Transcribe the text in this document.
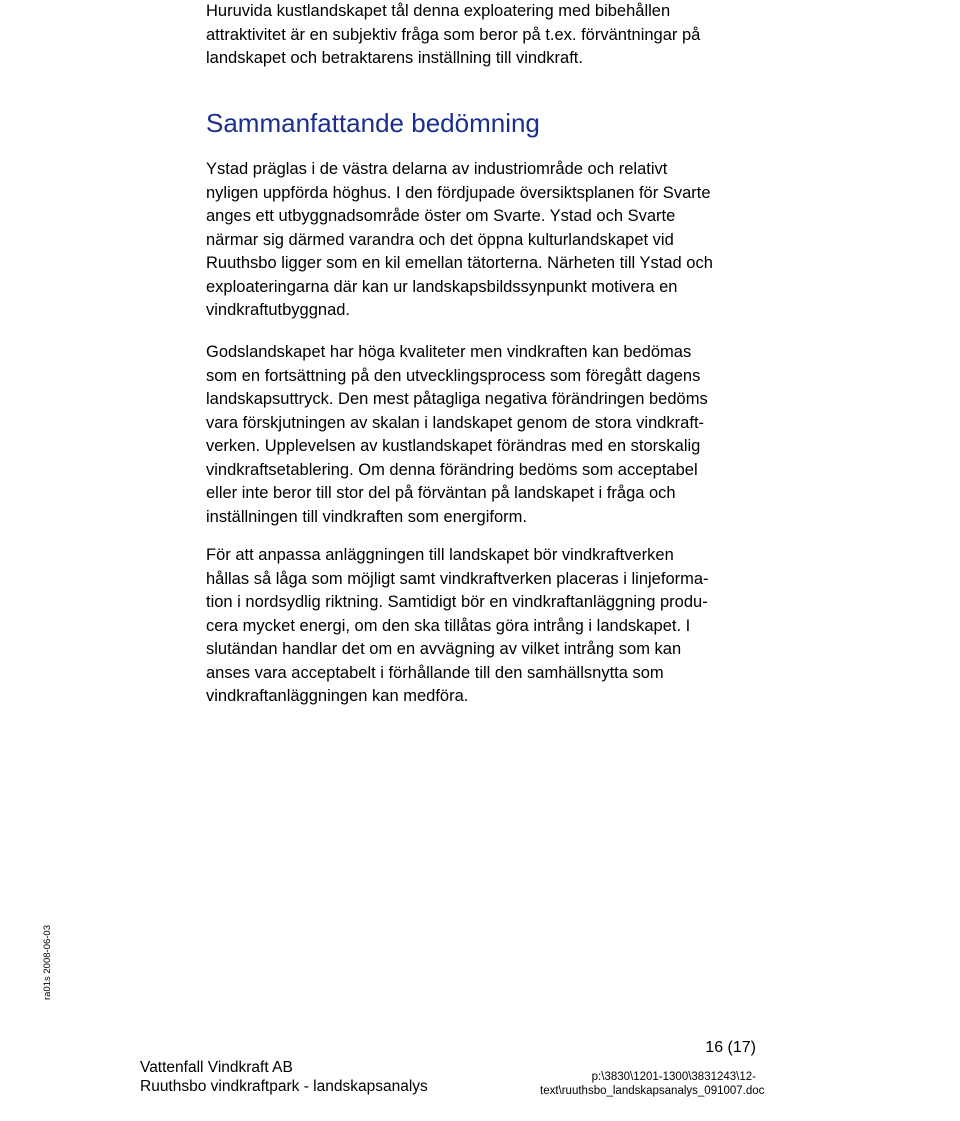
Huruvida kustlandskapet tål denna exploatering med bibehållen
attraktivitet är en subjektiv fråga som beror på t.ex. förväntningar på
landskapet och betraktarens inställning till vindkraft.

Sammanfattande bedömning

Ystad präglas i de västra delarna av industriområde och relativt
nyligen uppförda höghus. I den fördjupade översiktsplanen för Svarte
anges ett utbyggnadsområde öster om Svarte. Ystad och Svarte
närmar sig därmed varandra och det öppna kulturlandskapet vid
Ruuthsbo ligger som en kil emellan tätorterna. Närheten till Ystad och
exploateringarna där kan ur landskapsbildssynpunkt motivera en
vindkraftutbyggnad.

Godslandskapet har höga kvaliteter men vindkraften kan bedömas
som en fortsättning på den utvecklingsprocess som föregått dagens
landskapsuttryck. Den mest påtagliga negativa förändringen bedöms
vara förskjutningen av skalan i landskapet genom de stora vindkraft-
verken. Upplevelsen av kustlandskapet förändras med en storskalig
vindkraftsetablering. Om denna förändring bedöms som acceptabel
eller inte beror till stor del på förväntan på landskapet i fråga och
inställningen till vindkraften som energiform.

För att anpassa anläggningen till landskapet bör vindkraftverken
hållas så låga som möjligt samt vindkraftverken placeras i linjeforma-
tion i nordsydlig riktning. Samtidigt bör en vindkraftanläggning produ-
cera mycket energi, om den ska tillåtas göra intrång i landskapet. I
slutändan handlar det om en avvägning av vilket intrång som kan
anses vara acceptabelt i förhållande till den samhällsnytta som
vindkraftanläggningen kan medföra.

ra01s 2008-06-03
16 (17)
Vattenfall Vindkraft AB
Ruuthsbo vindkraftpark - landskapsanalys
p:\3830\1201-1300\3831243\12-
text\ruuthsbo_landskapsanalys_091007.doc
